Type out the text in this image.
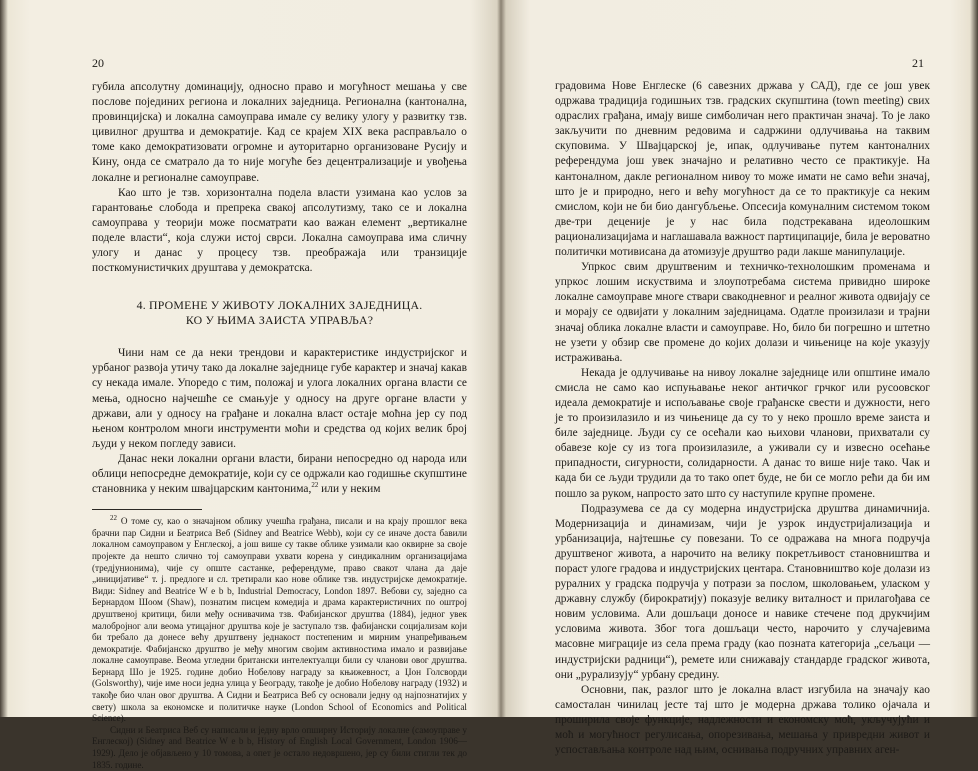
20

губила апсолутну доминацију, односно право и могућност мешања у све послове појединих региона и локалних заједница. Регионална (кантонална, провинцијска) и локална самоуправа имале су велику улогу у развитку тзв. цивилног друштва и демократије. Кад се крајем XIX века расправљало о томе како демократизовати огромне и ауторитарно организоване Русију и Кину, онда се сматрало да то није могуће без децентрализације и увођења локалне и регионалне самоуправе.

Као што је тзв. хоризонтална подела власти узимана као услов за гарантовање слобода и препрека свакој апсолутизму, тако се и локална самоуправа у теорији може посматрати као важан елемент „вертикалне поделе власти“, која служи истој сврси. Локална самоуправа има сличну улогу и данас у процесу тзв. преображаја или транзиције посткомунистичких друштава у демократска.

4. ПРОМЕНЕ У ЖИВОТУ ЛОКАЛНИХ ЗАЈЕДНИЦА.
КО У ЊИМА ЗАИСТА УПРАВЉА?

Чини нам се да неки трендови и карактеристике индустријског и урбаног развоја утичу тако да локалне заједнице губе карактер и значај какав су некада имале. Упоредо с тим, положај и улога локалних органа власти се мења, односно најчешће се смањује у односу на друге органе власти у држави, али у односу на грађане и локална власт остаје моћна јер су под њеном контролом многи инструменти моћи и средства од којих велик број људи у неком погледу зависи.

Данас неки локални органи власти, бирани непосредно од народа или облици непосредне демократије, који су се одржали као годишње скупштине становника у неким швајцарским кантонима,$^{22}$ или у неким

$^{22}$ О томе су, као о значајном облику учешћа грађана, писали и на крају прошлог века брачни пар Сидни и Беатриса Веб (Sidney and Beatrice Webb), који су се иначе доста бавили локалном самоуправом у Енглеској, а још више су такве облике узимали као оквирне за своје пројекте да нешто слично тој самоуправи ухвати корена у синдикалним организацијама (тредјунионима), чије су опште састанке, референдуме, право свакот члана да даје „иницијативе“ т. ј. предлоге и сл. третирали као нове облике тзв. индустријске демократије. Види: Sidney and Beatrice W e b b, Industrial Democracy, London 1897. Вебови су, заједно са Бернардом Шоом (Shaw), познатим писцем комедија и драма карактеристичних по оштрој друштвеној критици, били међу оснивачима тзв. Фабијанског друштва (1884), једног увек малобројног али веома утицајног друштва које је заступало тзв. фабијански социјализам који би требало да донесе већу друштвену једнакост постепеним и мирним унапређивањем демократије. Фабијанско друштво је међу многим својим активностима имало и развијање локалне самоуправе. Веома угледни британски интелектуалци били су чланови овог друштва. Бернард Шо је 1925. године добио Нобелову награду за књижевност, а Џон Голсворди (Golsworthy), чије име носи једна улица у Београду, такође је добио Нобелову награду (1932) и такође био члан овог друштва. А Сидни и Беатриса Веб су основали једну од најпознатијих у свету) школа за економске и политичке науке (London School of Economics and Political Science).

Сидни и Беатриса Веб су написали и једну врло опширну Историју локалне (самоуправе у Енглеској) (Sidney and Beatrice W e b b, History of English Local Government, London 1906—1929). Дело је објављено у 10 томова, а опет је остало недовршено, јер су били стигли тек до 1835. године.

21

градовима Нове Енглеске (6 савезних држава у САД), где се још увек одржава традиција годишњих тзв. градских скупштина (town meeting) свих одраслих грађана, имају више симболичан него практичан значај. То је лако закључити по дневним редовима и садржини одлучивања на таквим скуповима. У Швајцарској је, ипак, одлучивање путем кантоналних референдума још увек значајно и релативно често се практикује. На кантоналном, дакле регионалном нивоу то може имати не само већи значај, што је и природно, него и већу могућност да се то практикује са неким смислом, који не би био дангубљење. Опсесија комуналним системом током две-три деценије је у нас била подстрекавана идеолошким рационализацијама и наглашавала важност партиципације, била је вероватно политички мотивисана да атомизује друштво ради лакше манипулације.

Упркос свим друштвеним и техничко-технолошким променама и упркос лошим искуствима и злоупотребама система привидно широке локалне самоуправе многе ствари свакодневног и реалног живота одвијају се и морају се одвијати у локалним заједницама. Одатле произилази и трајни значај облика локалне власти и самоуправе. Но, било би погрешно и штетно не узети у обзир све промене до којих долази и чињенице на које указују истраживања.

Некада је одлучивање на нивоу локалне заједнице или општине имало смисла не само као испуњавање неког античког грчког или русоовског идеала демократије и испољавање своје грађанске свести и дужности, него је то произилазило и из чињенице да су то у неко прошло време заиста и биле заједнице. Људи су се осећали као њихови чланови, прихватали су обавезе које су из тога произилазиле, а уживали су и извесно осећање припадности, сигурности, солидарности. А данас то више није тако. Чак и када би се људи трудили да то тако опет буде, не би се могло рећи да би им пошло за руком, напросто зато што су наступиле крупне промене.

Подразумева се да су модерна индустријска друштва динамичнија. Модернизација и динамизам, чији је узрок индустријализација и урбанизација, најтешње су повезани. То се одражава на многа подручја друштвеног живота, а нарочито на велику покретљивост становништва и пораст улоге градова и индустријских центара. Становништво које долази из руралних у градска подручја у потрази за послом, школовањем, уласком у државну службу (бирократију) показује велику виталност и прилагођава се новим условима. Али дошљаци доносе и навике стечене под друкчијим условима живота. Због тога дошљаци често, нарочито у случајевима масовне миграције из села према граду (као позната категорија „сељаци — индустријски радници“), ремете или снижавају стандарде градског живота, они „рурализују“ урбану средину.

Основни, пак, разлог што је локална власт изгубила на значају као самосталан чинилац јесте тај што је модерна држава толико ојачала и проширила своје функције, надлежности и економску моћ, укључујући и моћ и могућност регулисања, опорезивања, мешања у привредни живот и успостављања контроле над њим, оснивања подручних управних аген-
